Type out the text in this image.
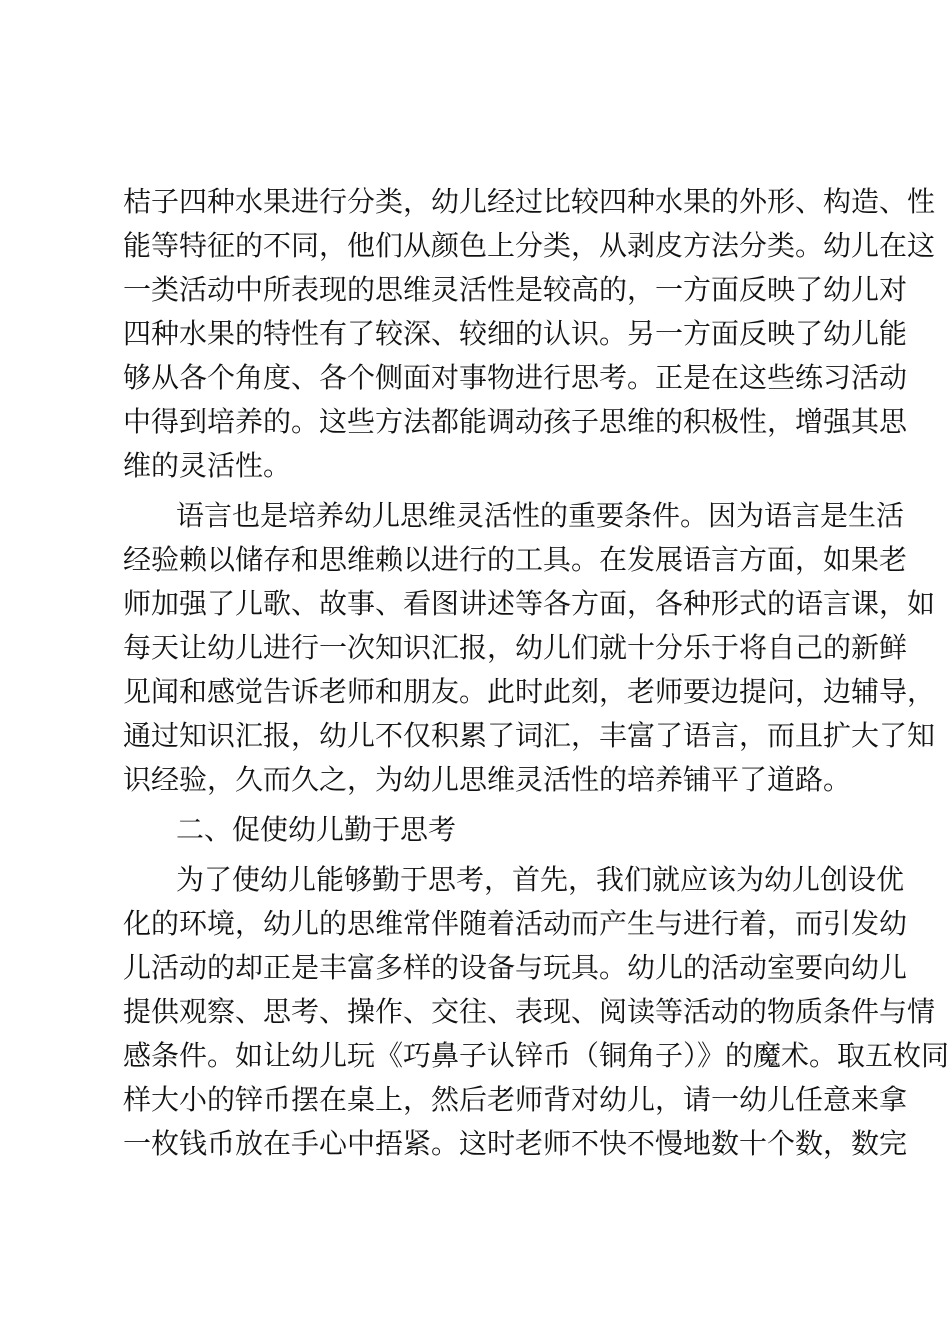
桔子四种水果进行分类，幼儿经过比较四种水果的外形、构造、性
能等特征的不同，他们从颜色上分类，从剥皮方法分类。幼儿在这
一类活动中所表现的思维灵活性是较高的，一方面反映了幼儿对
四种水果的特性有了较深、较细的认识。另一方面反映了幼儿能
够从各个角度、各个侧面对事物进行思考。正是在这些练习活动
中得到培养的。这些方法都能调动孩子思维的积极性，增强其思
维的灵活性。
语言也是培养幼儿思维灵活性的重要条件。因为语言是生活
经验赖以储存和思维赖以进行的工具。在发展语言方面，如果老
师加强了儿歌、故事、看图讲述等各方面，各种形式的语言课，如
每天让幼儿进行一次知识汇报，幼儿们就十分乐于将自己的新鲜
见闻和感觉告诉老师和朋友。此时此刻，老师要边提问，边辅导，
通过知识汇报，幼儿不仅积累了词汇，丰富了语言，而且扩大了知
识经验，久而久之，为幼儿思维灵活性的培养铺平了道路。
二、促使幼儿勤于思考
为了使幼儿能够勤于思考，首先，我们就应该为幼儿创设优
化的环境，幼儿的思维常伴随着活动而产生与进行着，而引发幼
儿活动的却正是丰富多样的设备与玩具。幼儿的活动室要向幼儿
提供观察、思考、操作、交往、表现、阅读等活动的物质条件与情
感条件。如让幼儿玩《巧鼻子认锌币（铜角子）》的魔术。取五枚同
样大小的锌币摆在桌上，然后老师背对幼儿，请一幼儿任意来拿
一枚钱币放在手心中捂紧。这时老师不快不慢地数十个数，数完
